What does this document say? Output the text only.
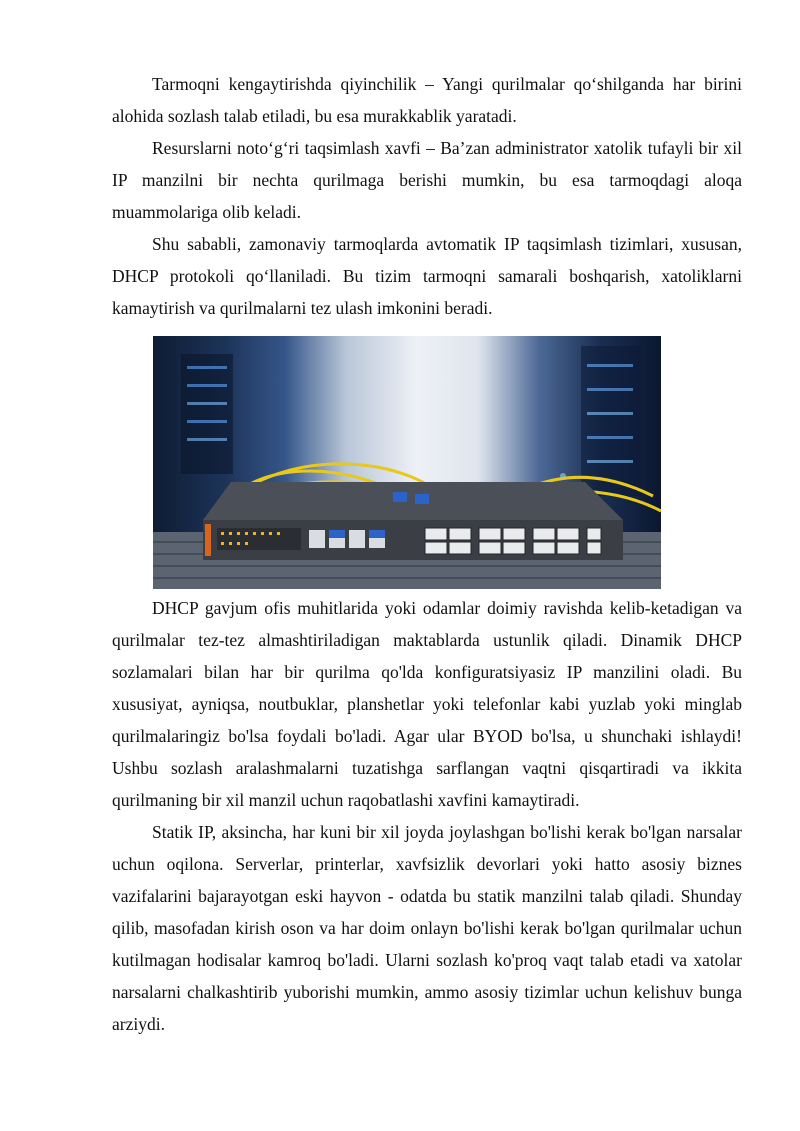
Tarmoqni kengaytirishda qiyinchilik – Yangi qurilmalar qo‘shilganda har birini alohida sozlash talab etiladi, bu esa murakkablik yaratadi.

Resurslarni noto‘g‘ri taqsimlash xavfi – Ba’zan administrator xatolik tufayli bir xil IP manzilni bir nechta qurilmaga berishi mumkin, bu esa tarmoqdagi aloqa muammolariga olib keladi.

Shu sababli, zamonaviy tarmoqlarda avtomatik IP taqsimlash tizimlari, xususan, DHCP protokoli qo‘llaniladi. Bu tizim tarmoqni samarali boshqarish, xatoliklarni kamaytirish va qurilmalarni tez ulash imkonini beradi.

DHCP gavjum ofis muhitlarida yoki odamlar doimiy ravishda kelib-ketadigan va qurilmalar tez-tez almashtiriladigan maktablarda ustunlik qiladi. Dinamik DHCP sozlamalari bilan har bir qurilma qo'lda konfiguratsiyasiz IP manzilini oladi. Bu xususiyat, ayniqsa, noutbuklar, planshetlar yoki telefonlar kabi yuzlab yoki minglab qurilmalaringiz bo'lsa foydali bo'ladi. Agar ular BYOD bo'lsa, u shunchaki ishlaydi! Ushbu sozlash aralashmalarni tuzatishga sarflangan vaqtni qisqartiradi va ikkita qurilmaning bir xil manzil uchun raqobatlashi xavfini kamaytiradi.

Statik IP, aksincha, har kuni bir xil joyda joylashgan bo'lishi kerak bo'lgan narsalar uchun oqilona. Serverlar, printerlar, xavfsizlik devorlari yoki hatto asosiy biznes vazifalarini bajarayotgan eski hayvon - odatda bu statik manzilni talab qiladi. Shunday qilib, masofadan kirish oson va har doim onlayn bo'lishi kerak bo'lgan qurilmalar uchun kutilmagan hodisalar kamroq bo'ladi. Ularni sozlash ko'proq vaqt talab etadi va xatolar narsalarni chalkashtirib yuborishi mumkin, ammo asosiy tizimlar uchun kelishuv bunga arziydi.
